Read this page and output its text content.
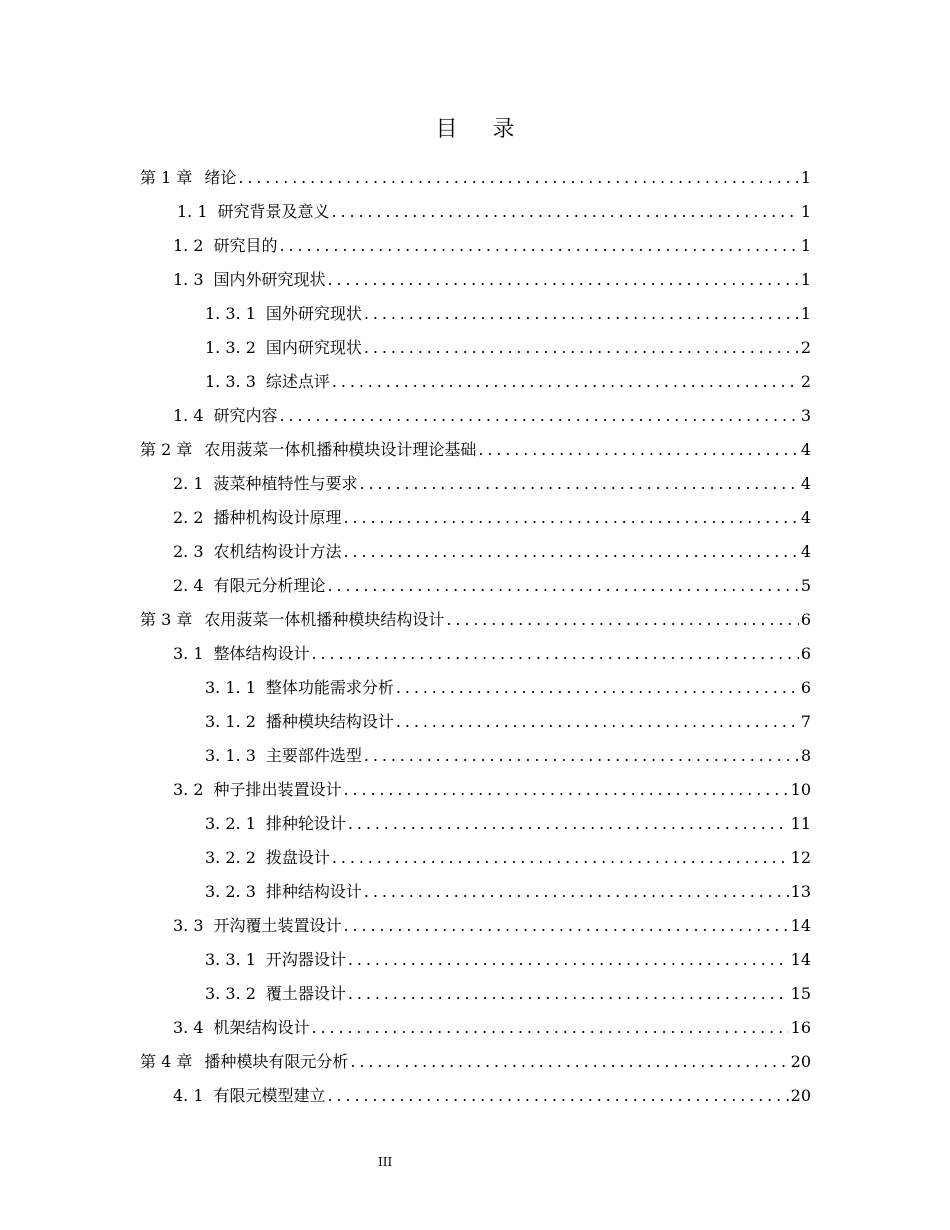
目 录
第 1 章 绪论 . . .	1
1. 1 研究背景及意义 . . .	1
1. 2 研究目的 . . .	1
1. 3 国内外研究现状 . . .	1
1. 3. 1 国外研究现状 . . .	1
1. 3. 2 国内研究现状 . . .	2
1. 3. 3 综述点评 . . .	2
1. 4 研究内容 . . .	3
第 2 章 农用菠菜一体机播种模块设计理论基础 . . .	4
2. 1 菠菜种植特性与要求 . . .	4
2. 2 播种机构设计原理 . . .	4
2. 3 农机结构设计方法 . . .	4
2. 4 有限元分析理论 . . .	5
第 3 章 农用菠菜一体机播种模块结构设计 . . .	6
3. 1 整体结构设计 . . .	6
3. 1. 1 整体功能需求分析 . . .	6
3. 1. 2 播种模块结构设计 . . .	7
3. 1. 3 主要部件选型 . . .	8
3. 2 种子排出装置设计 . . .	10
3. 2. 1 排种轮设计 . . .	11
3. 2. 2 拨盘设计 . . .	12
3. 2. 3 排种结构设计 . . .	13
3. 3 开沟覆土装置设计 . . .	14
3. 3. 1 开沟器设计 . . .	14
3. 3. 2 覆土器设计 . . .	15
3. 4 机架结构设计 . . .	16
第 4 章 播种模块有限元分析 . . .	20
4. 1 有限元模型建立 . . .	20
III
